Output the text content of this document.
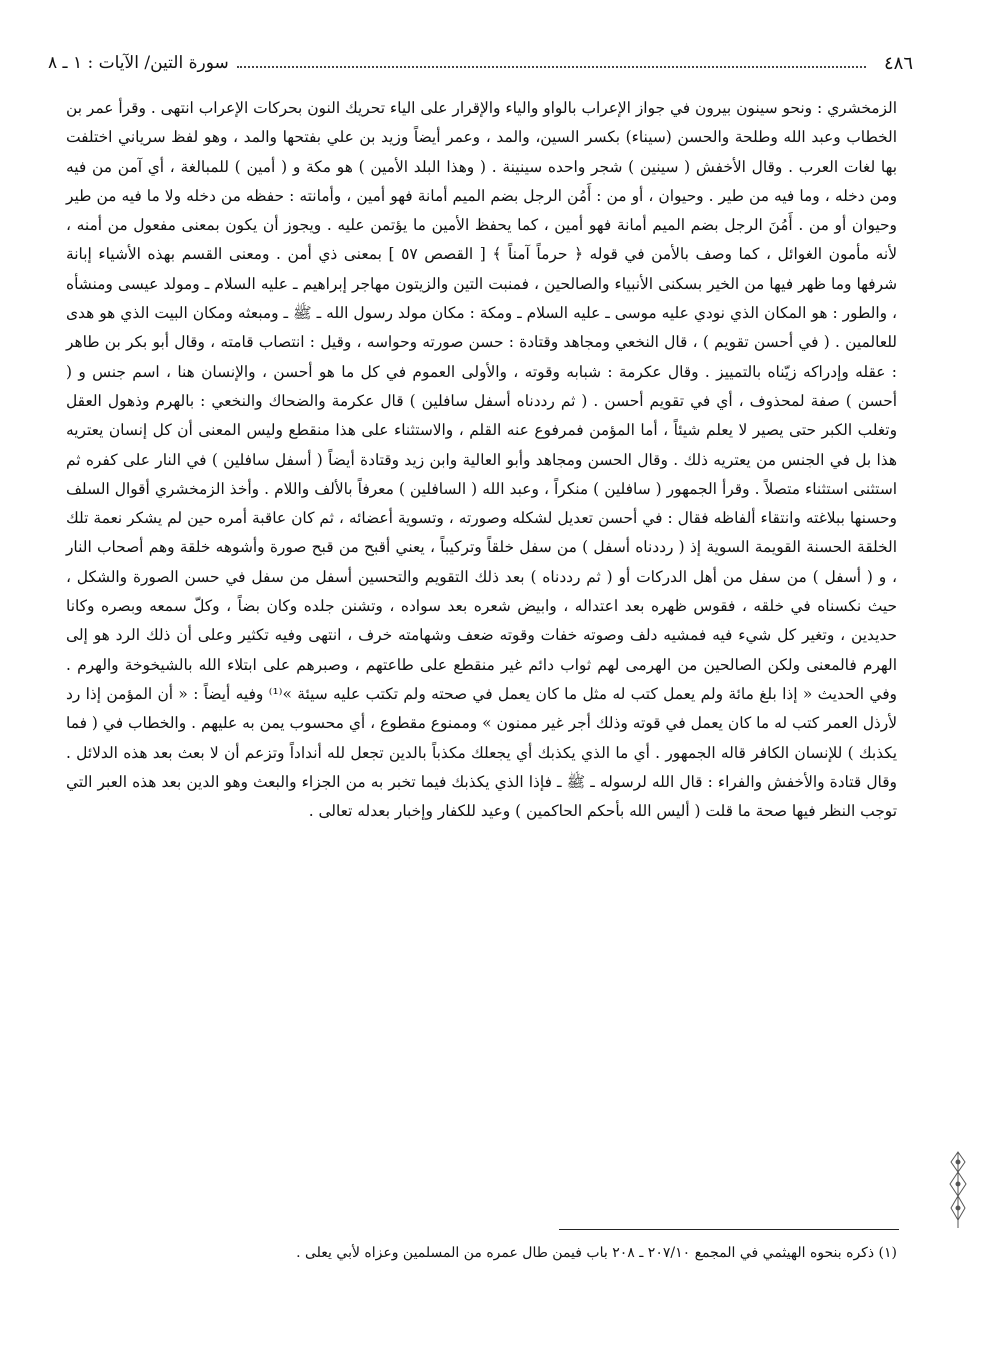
٤٨٦
سورة التين/ الآيات : ١ ـ ٨

الزمخشري : ونحو سينون بيرون في جواز الإعراب بالواو والياء والإقرار على الياء تحريك النون بحركات الإعراب انتهى . وقرأ عمر بن الخطاب وعبد الله وطلحة والحسن (سيناء) بكسر السين، والمد ، وعمر أيضاً وزيد بن علي بفتحها والمد ، وهو لفظ سرياني اختلفت بها لغات العرب . وقال الأخفش ( سينين ) شجر واحده سينينة . ( وهذا البلد الأمين ) هو مكة و ( أمين ) للمبالغة ، أي آمن من فيه ومن دخله ، وما فيه من طير . وحيوان ، أو من : أَمُن الرجل بضم الميم أمانة فهو أمين ، وأمانته : حفظه من دخله ولا ما فيه من طير وحيوان أو من . أَمُنَ الرجل بضم الميم أمانة فهو أمين ، كما يحفظ الأمين ما يؤتمن عليه . ويجوز أن يكون بمعنى مفعول من أمنه ، لأنه مأمون الغوائل ، كما وصف بالأمن في قوله ﴿ حرماً آمناً ﴾ [ القصص ٥٧ ] بمعنى ذي أمن . ومعنى القسم بهذه الأشياء إبانة شرفها وما ظهر فيها من الخير بسكنى الأنبياء والصالحين ، فمنبت التين والزيتون مهاجر إبراهيم ـ عليه السلام ـ ومولد عيسى ومنشأه ، والطور : هو المكان الذي نودي عليه موسى ـ عليه السلام ـ ومكة : مكان مولد رسول الله ـ ﷺ ـ ومبعثه ومكان البيت الذي هو هدى للعالمين . ( في أحسن تقويم ) ، قال النخعي ومجاهد وقتادة : حسن صورته وحواسه ، وقيل : انتصاب قامته ، وقال أبو بكر بن طاهر : عقله وإدراكه زيّناه بالتمييز . وقال عكرمة : شبابه وقوته ، والأولى العموم في كل ما هو أحسن ، والإنسان هنا ، اسم جنس و ( أحسن ) صفة لمحذوف ، أي في تقويم أحسن . ( ثم رددناه أسفل سافلين ) قال عكرمة والضحاك والنخعي : بالهرم وذهول العقل وتغلب الكبر حتى يصير لا يعلم شيئاً ، أما المؤمن فمرفوع عنه القلم ، والاستثناء على هذا منقطع وليس المعنى أن كل إنسان يعتريه هذا بل في الجنس من يعتريه ذلك . وقال الحسن ومجاهد وأبو العالية وابن زيد وقتادة أيضاً ( أسفل سافلين ) في النار على كفره ثم استثنى استثناء متصلاً . وقرأ الجمهور ( سافلين ) منكراً ، وعبد الله ( السافلين ) معرفاً بالألف واللام . وأخذ الزمخشري أقوال السلف وحسنها ببلاغته وانتقاء ألفاظه فقال : في أحسن تعديل لشكله وصورته ، وتسوية أعضائه ، ثم كان عاقبة أمره حين لم يشكر نعمة تلك الخلقة الحسنة القويمة السوية إذ ( رددناه أسفل ) من سفل خلقاً وتركيباً ، يعني أقبح من قبح صورة وأشوهه خلقة وهم أصحاب النار ، و ( أسفل ) من سفل من أهل الدركات أو ( ثم رددناه ) بعد ذلك التقويم والتحسين أسفل من سفل في حسن الصورة والشكل ، حيث نكسناه في خلقه ، فقوس ظهره بعد اعتداله ، وابيض شعره بعد سواده ، وتشنن جلده وكان بضاً ، وكلّ سمعه وبصره وكانا حديدين ، وتغير كل شيء فيه فمشيه دلف وصوته خفات وقوته ضعف وشهامته خرف ، انتهى وفيه تكثير وعلى أن ذلك الرد هو إلى الهرم فالمعنى ولكن الصالحين من الهرمى لهم ثواب دائم غير منقطع على طاعتهم ، وصبرهم على ابتلاء الله بالشيخوخة والهرم . وفي الحديث « إذا بلغ مائة ولم يعمل كتب له مثل ما كان يعمل في صحته ولم تكتب عليه سيئة »⁽¹⁾ وفيه أيضاً : « أن المؤمن إذا رد لأرذل العمر كتب له ما كان يعمل في قوته وذلك أجر غير ممنون » وممنوع مقطوع ، أي محسوب يمن به عليهم . والخطاب في ( فما يكذبك ) للإنسان الكافر قاله الجمهور . أي ما الذي يكذبك أي يجعلك مكذباً بالدين تجعل لله أنداداً وتزعم أن لا بعث بعد هذه الدلائل . وقال قتادة والأخفش والفراء : قال الله لرسوله ـ ﷺ ـ فإذا الذي يكذبك فيما تخبر به من الجزاء والبعث وهو الدين بعد هذه العبر التي توجب النظر فيها صحة ما قلت ( أليس الله بأحكم الحاكمين ) وعيد للكفار وإخبار بعدله تعالى .

(١) ذكره بنحوه الهيثمي في المجمع ٢٠٧/١٠ ـ ٢٠٨ باب فيمن طال عمره من المسلمين وعزاه لأبي يعلى .
